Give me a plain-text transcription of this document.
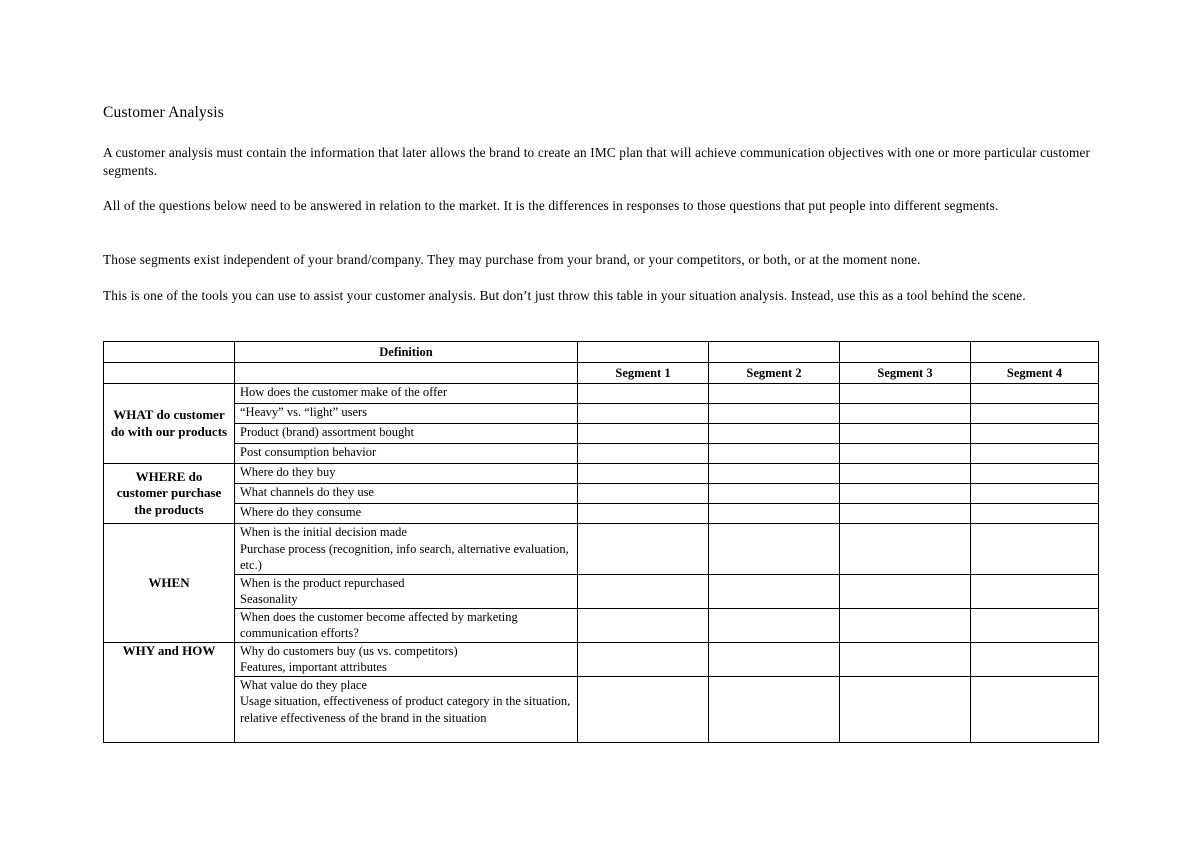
Customer Analysis
A customer analysis must contain the information that later allows the brand to create an IMC plan that will achieve communication objectives with one or more particular customer segments.
All of the questions below need to be answered in relation to the market. It is the differences in responses to those questions that put people into different segments.
Those segments exist independent of your brand/company. They may purchase from your brand, or your competitors, or both, or at the moment none.
This is one of the tools you can use to assist your customer analysis. But don’t just throw this table in your situation analysis. Instead, use this as a tool behind the scene.
	Definition				
		Segment 1	Segment 2	Segment 3	Segment 4
WHAT do customer do with our products	How does the customer make of the offer				
	“Heavy” vs. “light” users				
	Product (brand) assortment bought				
	Post consumption behavior				
WHERE do customer purchase the products	Where do they buy				
	What channels do they use				
	Where do they consume				
WHEN	When is the initial decision made
Purchase process (recognition, info search, alternative evaluation, etc.)				

	When is the product repurchased
Seasonality				

	When does the customer become affected by marketing communication efforts?				

WHY and HOW	Why do customers buy (us vs. competitors)
Features, important attributes				

	What value do they place
Usage situation, effectiveness of product category in the situation, relative effectiveness of the brand in the situation				
